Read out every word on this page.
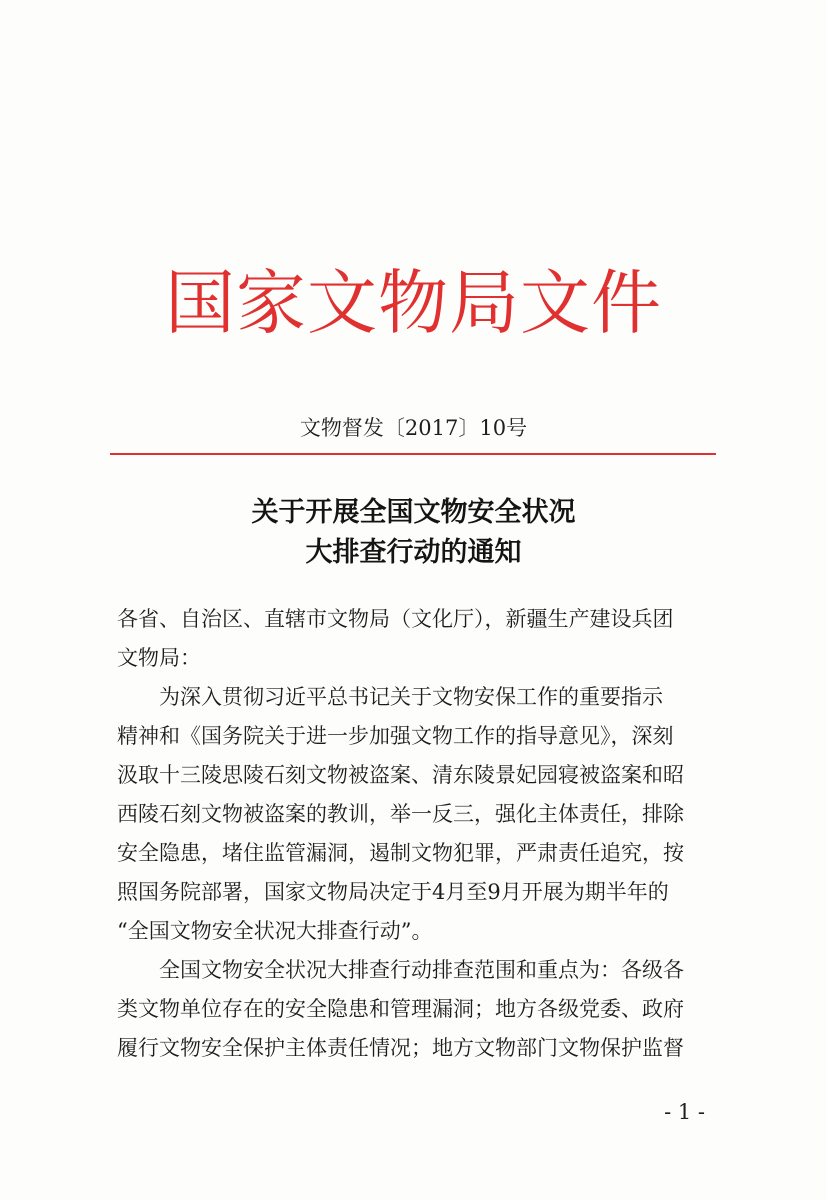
国家文物局文件
文物督发〔2017〕10号
关于开展全国文物安全状况
大排查行动的通知
各省、自治区、直辖市文物局（文化厅），新疆生产建设兵团
文物局：
为深入贯彻习近平总书记关于文物安保工作的重要指示
精神和《国务院关于进一步加强文物工作的指导意见》，深刻
汲取十三陵思陵石刻文物被盗案、清东陵景妃园寝被盗案和昭
西陵石刻文物被盗案的教训，举一反三，强化主体责任，排除
安全隐患，堵住监管漏洞，遏制文物犯罪，严肃责任追究，按
照国务院部署，国家文物局决定于4月至9月开展为期半年的
“全国文物安全状况大排查行动”。
全国文物安全状况大排查行动排查范围和重点为：各级各
类文物单位存在的安全隐患和管理漏洞；地方各级党委、政府
履行文物安全保护主体责任情况；地方文物部门文物保护监督
- 1 -
